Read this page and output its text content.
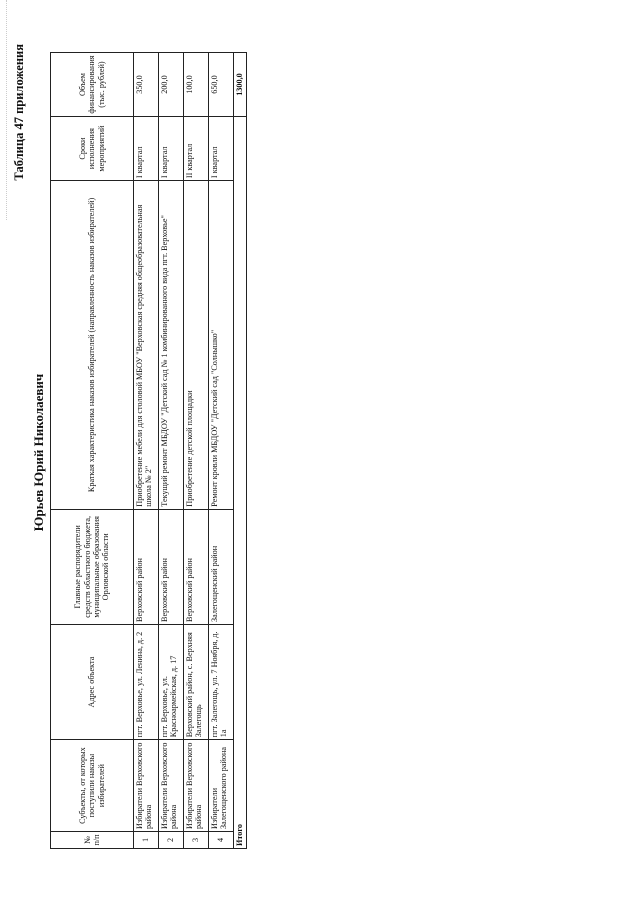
Таблица 47 приложения
Юрьев Юрий Николаевич
№ п/п	Субъекты, от которых поступили наказы избирателей	Адрес объекта	Главные распорядители средств областного бюджета, муниципальные образования Орловской области	Краткая характеристика наказов избирателей (направленность наказов избирателей)	Сроки исполнения мероприятий	Объем финансирования (тыс. рублей)
1	Избиратели Верховского района	пгт. Верховье, ул. Ленина, д. 2	Верховский район	Приобретение мебели для столовой МБОУ "Верховская средняя общеобразовательная школа № 2"	I квартал	350,0
2	Избиратели Верховского района	пгт. Верховье, ул. Красноармейская, д. 17	Верховский район	Текущий ремонт МБДОУ "Детский сад № 1 комбинированного вида пгт. Верховье"	I квартал	200,0
3	Избиратели Верховского района	Верховский район, с. Верхняя Залегощь	Верховский район	Приобретение детской площадки	II квартал	100,0
4	Избиратели Залегощенского района	пгт. Залегощь, ул. 7 Ноября, д. 1а	Залегощенский район	Ремонт кровли МБДОУ "Детский сад "Солнышко"	I квартал	650,0
Итого						1300,0
